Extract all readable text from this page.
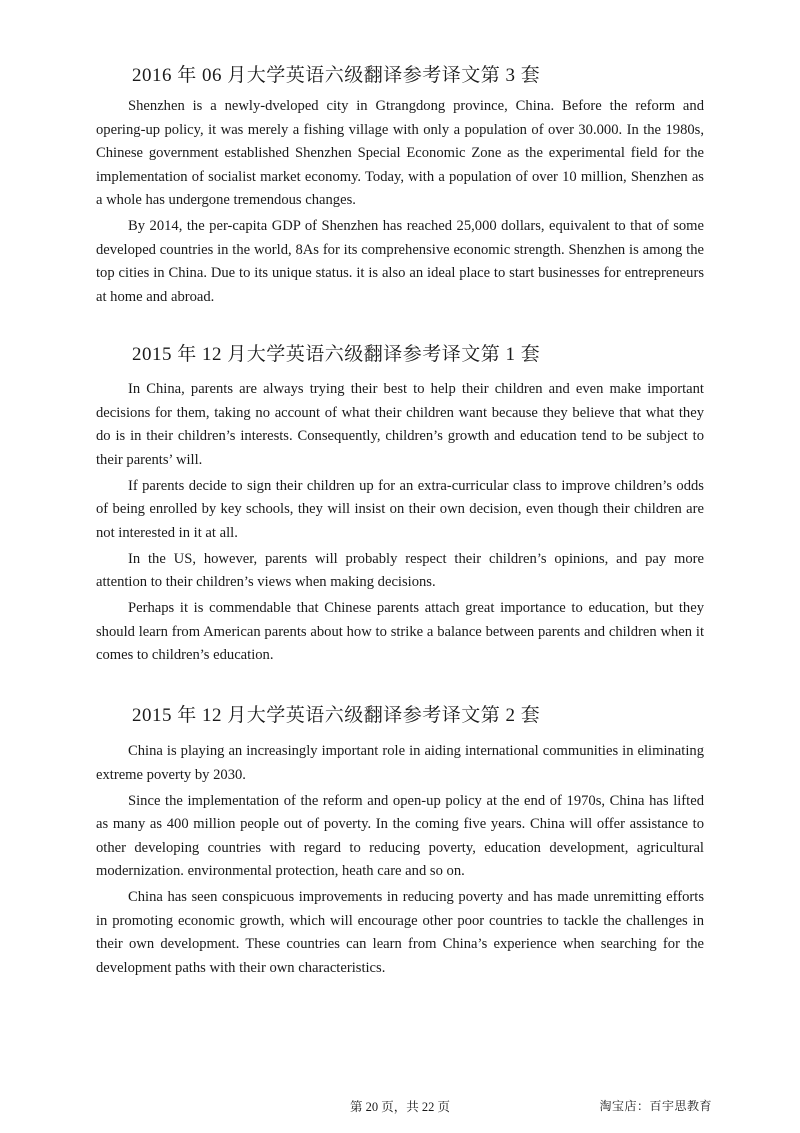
2016 年 06 月大学英语六级翻译参考译文第 3 套

Shenzhen is a newly-dveloped city in Gtrangdong province, China. Before the reform and opering-up policy, it was merely a fishing village with only a population of over 30.000. In the 1980s, Chinese government established Shenzhen Special Economic Zone as the experimental field for the implementation of socialist market economy. Today, with a population of over 10 million, Shenzhen as a whole has undergone tremendous changes.

By 2014, the per-capita GDP of Shenzhen has reached 25,000 dollars, equivalent to that of some developed countries in the world, 8As for its comprehensive economic strength. Shenzhen is among the top cities in China. Due to its unique status. it is also an ideal place to start businesses for entrepreneurs at home and abroad.

2015 年 12 月大学英语六级翻译参考译文第 1 套

In China, parents are always trying their best to help their children and even make important decisions for them, taking no account of what their children want because they believe that what they do is in their children’s interests. Consequently, children’s growth and education tend to be subject to their parents’ will.

If parents decide to sign their children up for an extra-curricular class to improve children’s odds of being enrolled by key schools, they will insist on their own decision, even though their children are not interested in it at all.

In the US, however, parents will probably respect their children’s opinions, and pay more attention to their children’s views when making decisions.

Perhaps it is commendable that Chinese parents attach great importance to education, but they should learn from American parents about how to strike a balance between parents and children when it comes to children’s education.

2015 年 12 月大学英语六级翻译参考译文第 2 套

China is playing an increasingly important role in aiding international communities in eliminating extreme poverty by 2030.

Since the implementation of the reform and open-up policy at the end of 1970s, China has lifted as many as 400 million people out of poverty. In the coming five years. China will offer assistance to other developing countries with regard to reducing poverty, education development, agricultural modernization. environmental protection, heath care and so on.

China has seen conspicuous improvements in reducing poverty and has made unremitting efforts in promoting economic growth, which will encourage other poor countries to tackle the challenges in their own development. These countries can learn from China’s experience when searching for the development paths with their own characteristics.

第 20 页，共 22 页	淘宝店：百宇思教育
